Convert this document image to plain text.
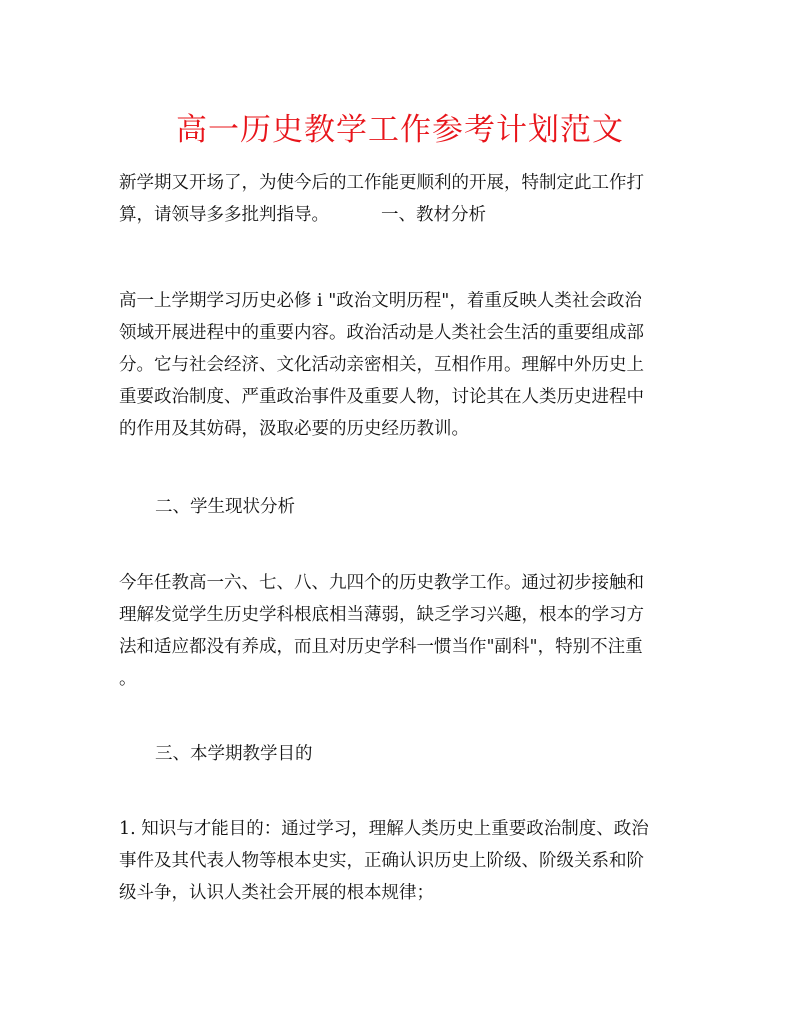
高一历史教学工作参考计划范文
新学期又开场了，为使今后的工作能更顺利的开展，特制定此工作打
算，请领导多多批判指导。	一、教材分析
高一上学期学习历史必修 i "政治文明历程"，着重反映人类社会政治
领域开展进程中的重要内容。政治活动是人类社会生活的重要组成部
分。它与社会经济、文化活动亲密相关，互相作用。理解中外历史上
重要政治制度、严重政治事件及重要人物，讨论其在人类历史进程中
的作用及其妨碍，汲取必要的历史经历教训。
二、学生现状分析
今年任教高一六、七、八、九四个的历史教学工作。通过初步接触和
理解发觉学生历史学科根底相当薄弱，缺乏学习兴趣，根本的学习方
法和适应都没有养成，而且对历史学科一惯当作"副科"，特别不注重
。
三、本学期教学目的
1. 知识与才能目的：通过学习，理解人类历史上重要政治制度、政治
事件及其代表人物等根本史实，正确认识历史上阶级、阶级关系和阶
级斗争，认识人类社会开展的根本规律；
